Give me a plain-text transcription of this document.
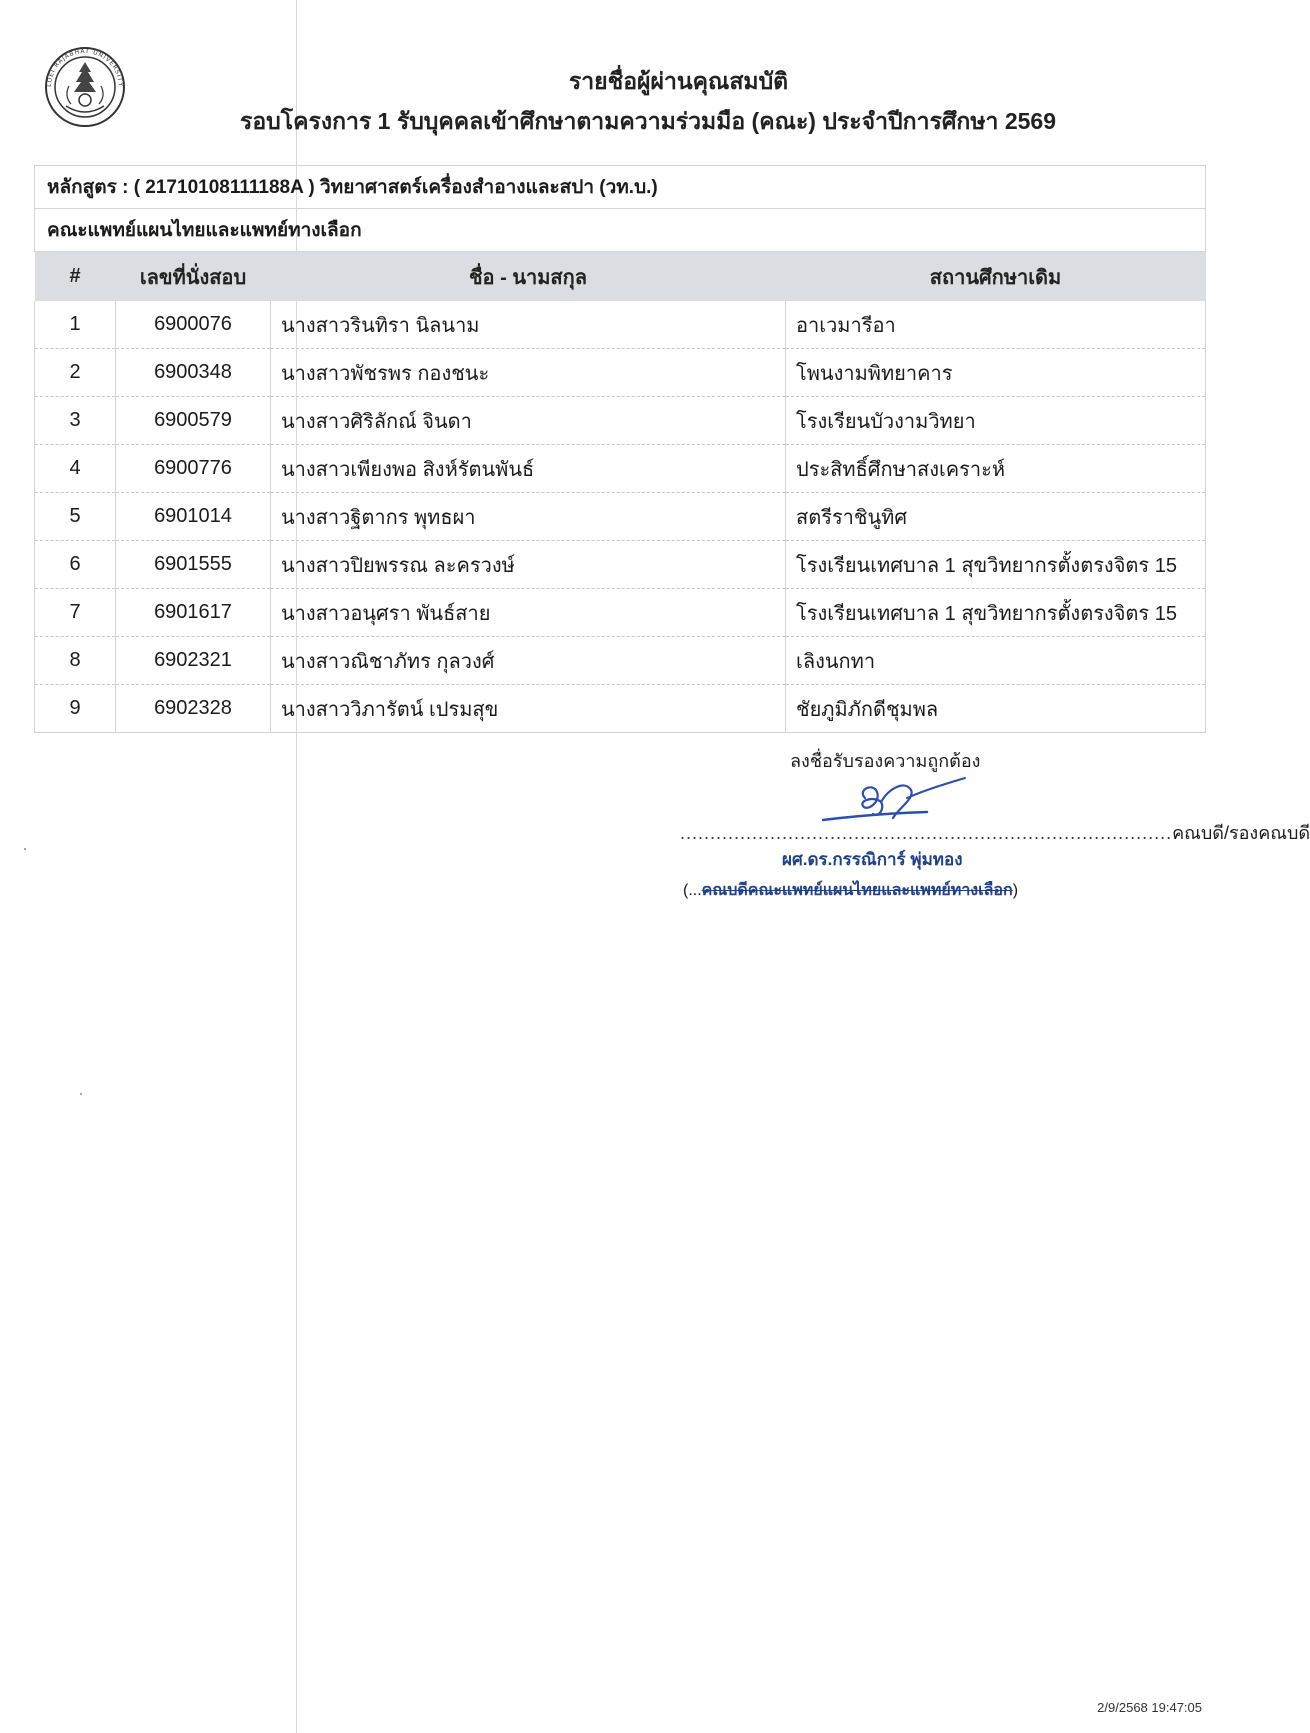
LOEI RAJABHAT UNIVERSITY	รายชื่อผู้ผ่านคุณสมบัติ
รอบโครงการ 1 รับบุคคลเข้าศึกษาตามความร่วมมือ (คณะ) ประจำปีการศึกษา 2569
หลักสูตร : ( 21710108111188A ) วิทยาศาสตร์เครื่องสำอางและสปา (วท.บ.)
คณะแพทย์แผนไทยและแพทย์ทางเลือก
#	เลขที่นั่งสอบ	ชื่อ - นามสกุล	สถานศึกษาเดิม
1	6900076	นางสาวรินทิรา นิลนาม	อาเวมารีอา
2	6900348	นางสาวพัชรพร กองชนะ	โพนงามพิทยาคาร
3	6900579	นางสาวศิริลักณ์ จินดา	โรงเรียนบัวงามวิทยา
4	6900776	นางสาวเพียงพอ สิงห์รัตนพันธ์	ประสิทธิ์ศึกษาสงเคราะห์
5	6901014	นางสาวฐิตากร พุทธผา	สตรีราชินูทิศ
6	6901555	นางสาวปิยพรรณ ละครวงษ์	โรงเรียนเทศบาล 1 สุขวิทยากรตั้งตรงจิตร 15
7	6901617	นางสาวอนุศรา พันธ์สาย	โรงเรียนเทศบาล 1 สุขวิทยากรตั้งตรงจิตร 15
8	6902321	นางสาวณิชาภัทร กุลวงศ์	เลิงนกทา
9	6902328	นางสาววิภารัตน์ เปรมสุข	ชัยภูมิภักดีชุมพล
ลงชื่อรับรองความถูกต้อง
..................................................................................คณบดี/รองคณบดี
ผศ.ดร.กรรณิการ์ พุ่มทอง
(...คณบดีคณะแพทย์แผนไทยและแพทย์ทางเลือก)
2/9/2568 19:47:05
